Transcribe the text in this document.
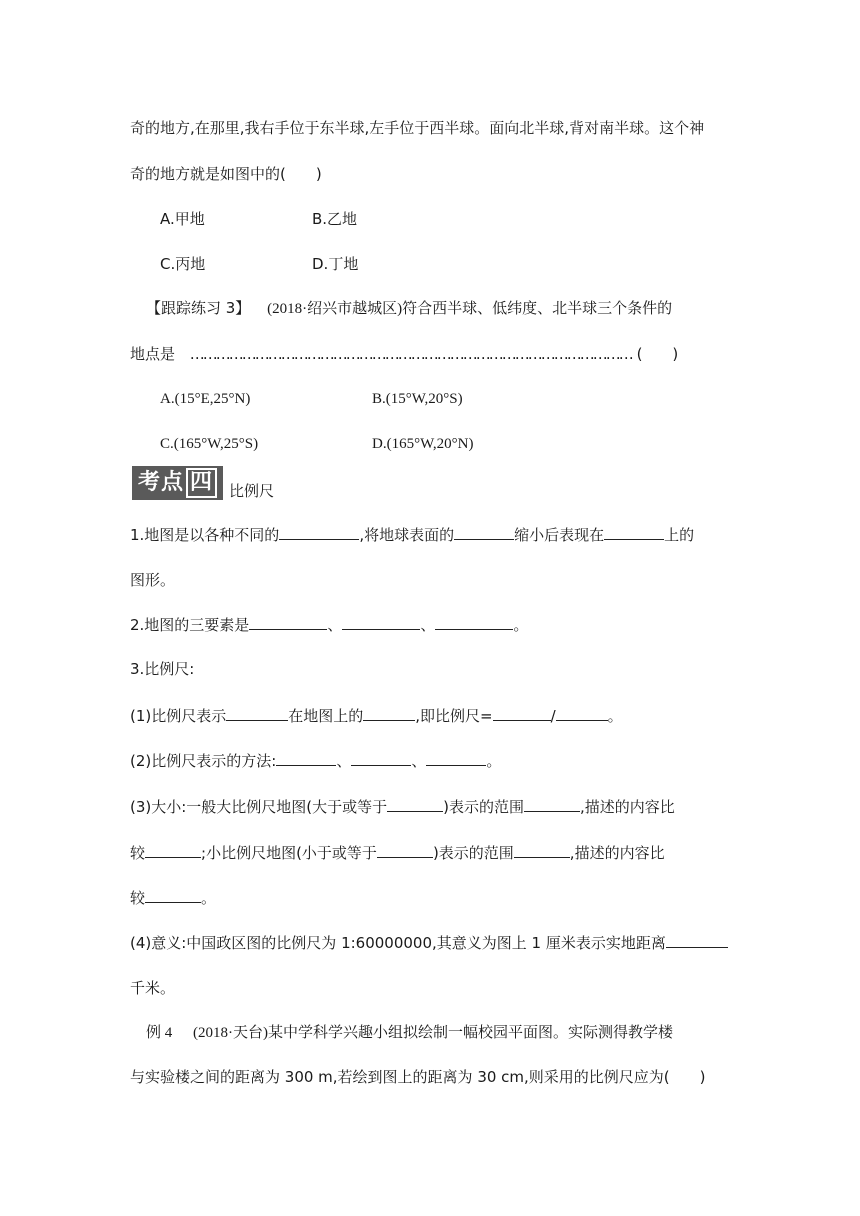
奇的地方,在那里,我右手位于东半球,左手位于西半球。面向北半球,背对南半球。这个神
奇的地方就是如图中的(　　)
A.甲地	B.乙地
C.丙地	D.丁地
【跟踪练习 3】 (2018·绍兴市越城区)符合西半球、低纬度、北半球三个条件的
地点是 ………………………………………………………………………………………… (　　)
A.(15°E,25°N)	B.(15°W,20°S)
C.(165°W,25°S)	D.(165°W,20°N)
考点 四	比例尺
1.地图是以各种不同的	,将地球表面的	缩小后表现在	上的
图形。
2.地图的三要素是	、	、	。
3.比例尺:
(1)比例尺表示	在地图上的	,即比例尺=	/	。
(2)比例尺表示的方法:	、	、	。
(3)大小:一般大比例尺地图(大于或等于	)表示的范围	,描述的内容比
较	;小比例尺地图(小于或等于	)表示的范围	,描述的内容比
较	。
(4)意义:中国政区图的比例尺为 1:60000000,其意义为图上 1 厘米表示实地距离
千米。
例 4 (2018·天台)某中学科学兴趣小组拟绘制一幅校园平面图。实际测得教学楼
与实验楼之间的距离为 300 m,若绘到图上的距离为 30 cm,则采用的比例尺应为(　　)
